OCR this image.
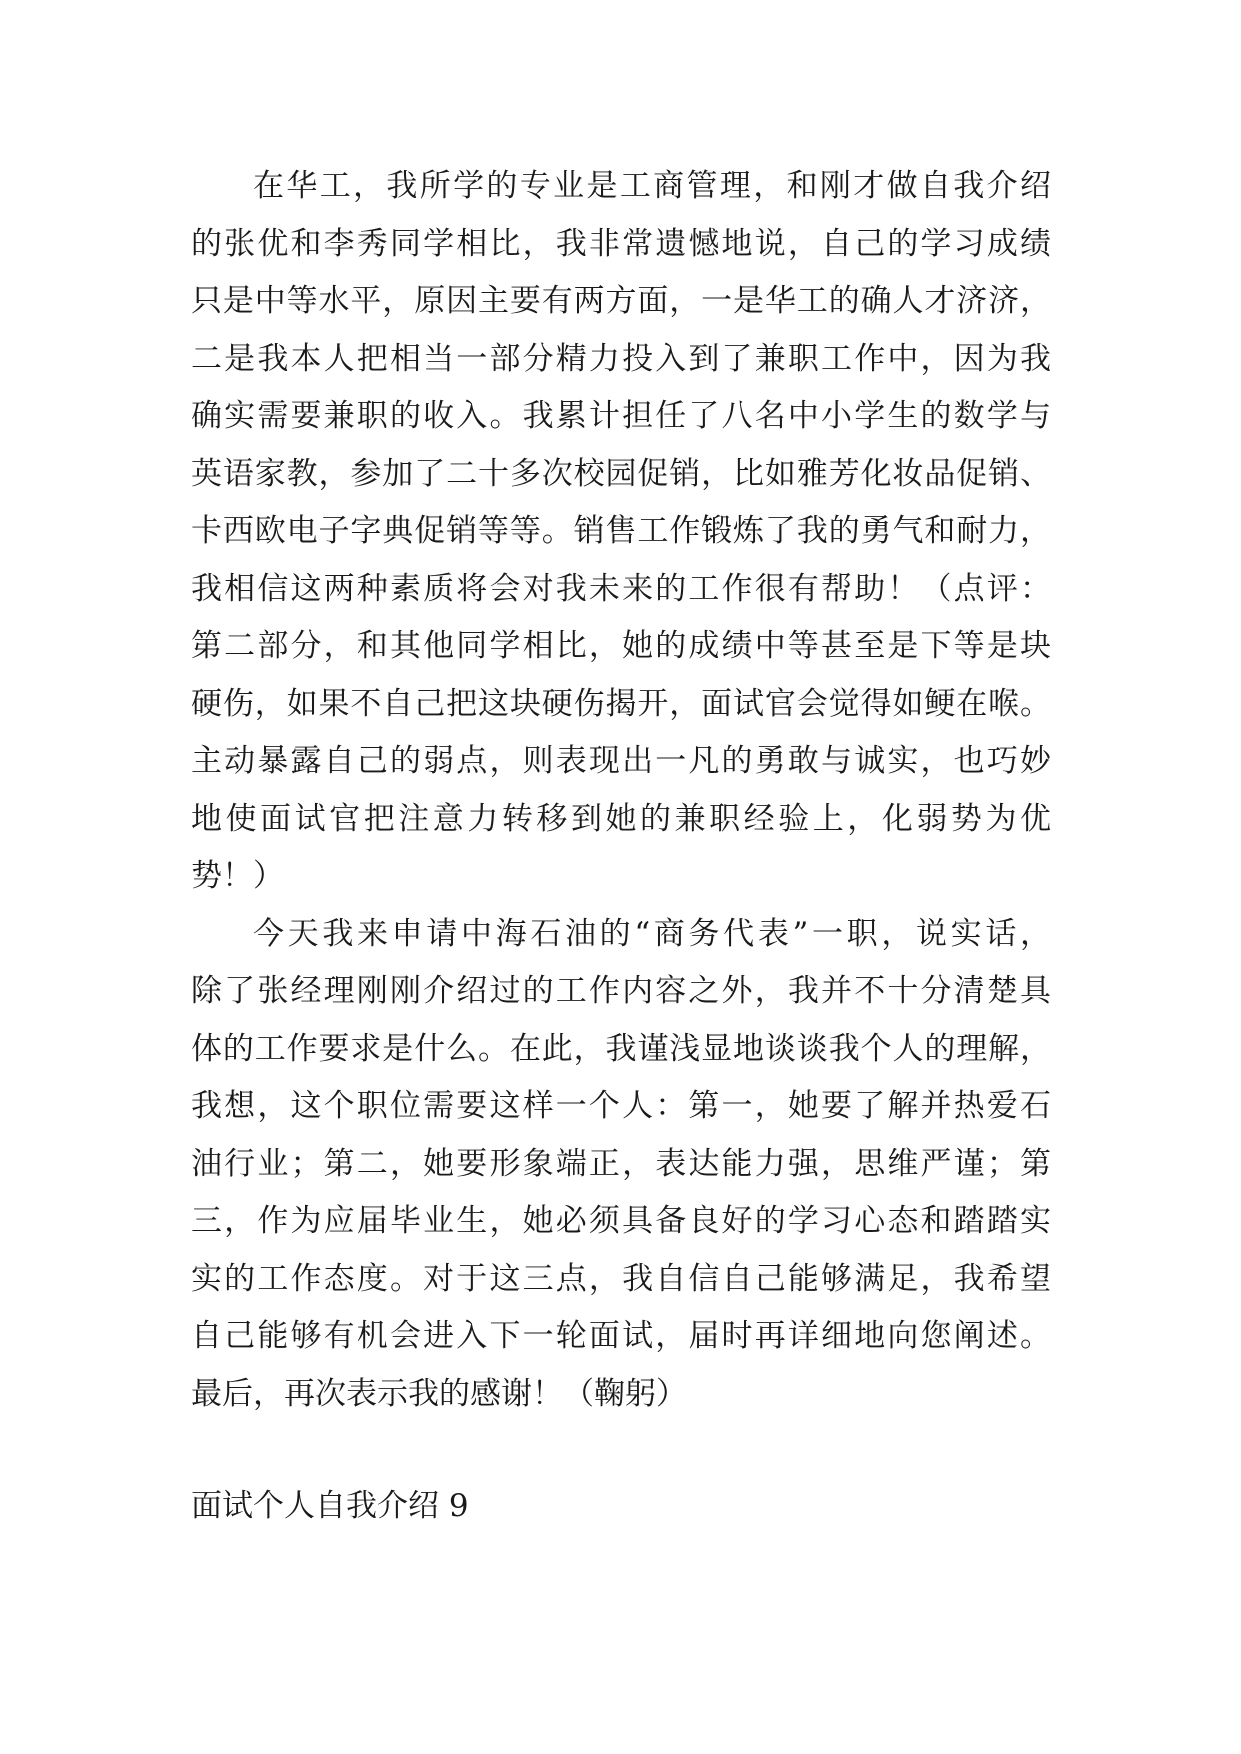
在华工，我所学的专业是工商管理，和刚才做自我介绍
的张优和李秀同学相比，我非常遗憾地说，自己的学习成绩
只是中等水平，原因主要有两方面，一是华工的确人才济济，
二是我本人把相当一部分精力投入到了兼职工作中，因为我
确实需要兼职的收入。我累计担任了八名中小学生的数学与
英语家教，参加了二十多次校园促销，比如雅芳化妆品促销、
卡西欧电子字典促销等等。销售工作锻炼了我的勇气和耐力，
我相信这两种素质将会对我未来的工作很有帮助！（点评：
第二部分，和其他同学相比，她的成绩中等甚至是下等是块
硬伤，如果不自己把这块硬伤揭开，面试官会觉得如鲠在喉。
主动暴露自己的弱点，则表现出一凡的勇敢与诚实，也巧妙
地使面试官把注意力转移到她的兼职经验上，化弱势为优
势！）
今天我来申请中海石油的“商务代表”一职，说实话，
除了张经理刚刚介绍过的工作内容之外，我并不十分清楚具
体的工作要求是什么。在此，我谨浅显地谈谈我个人的理解，
我想，这个职位需要这样一个人：第一，她要了解并热爱石
油行业；第二，她要形象端正，表达能力强，思维严谨；第
三，作为应届毕业生，她必须具备良好的学习心态和踏踏实
实的工作态度。对于这三点，我自信自己能够满足，我希望
自己能够有机会进入下一轮面试，届时再详细地向您阐述。
最后，再次表示我的感谢！（鞠躬）
面试个人自我介绍 9
